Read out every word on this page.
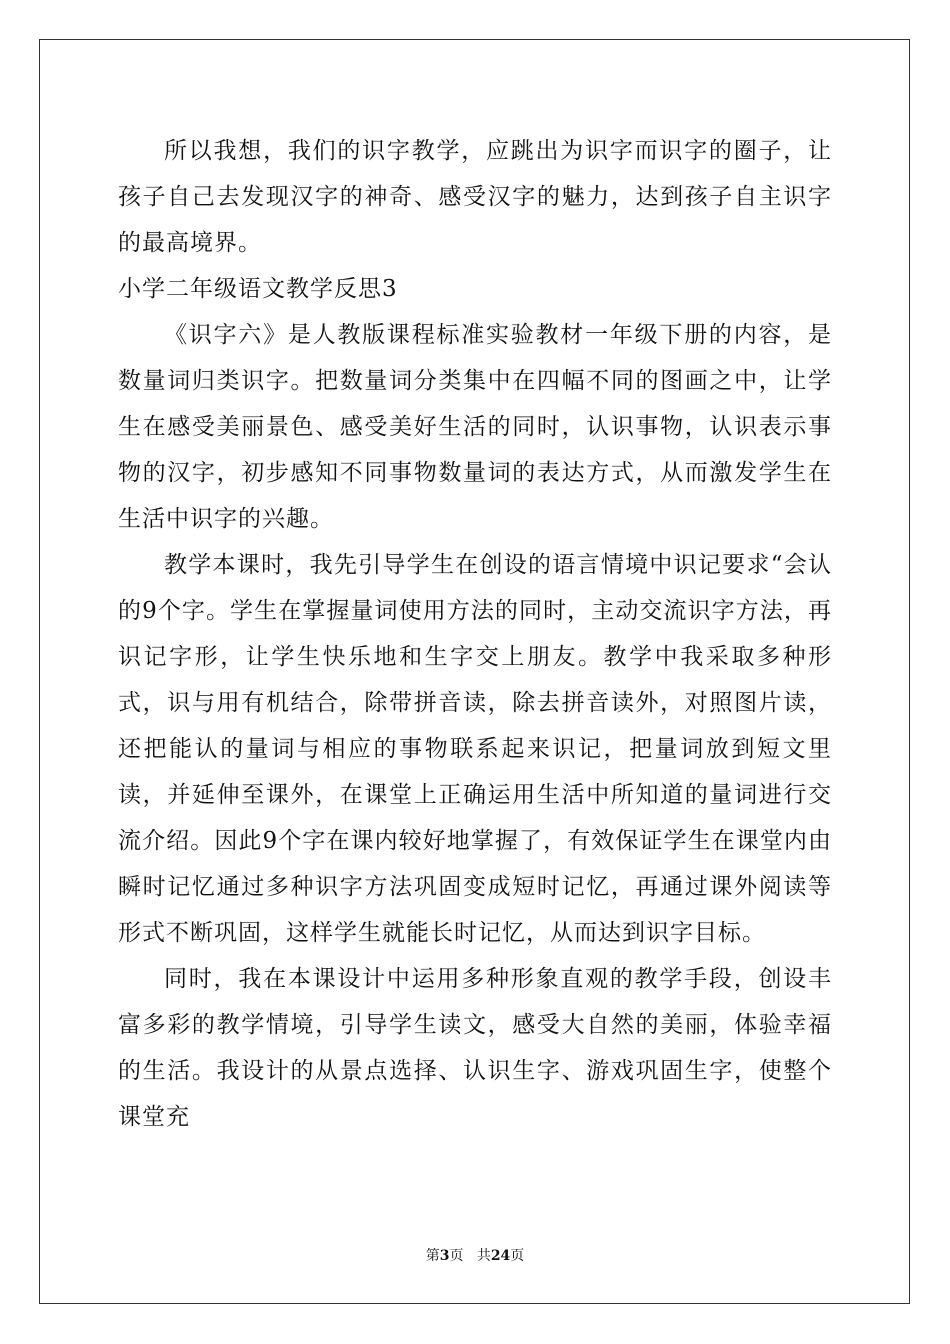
所以我想，我们的识字教学，应跳出为识字而识字的圈子，让孩子自己去发现汉字的神奇、感受汉字的魅力，达到孩子自主识字的最高境界。

小学二年级语文教学反思3

《识字六》是人教版课程标准实验教材一年级下册的内容，是数量词归类识字。把数量词分类集中在四幅不同的图画之中，让学生在感受美丽景色、感受美好生活的同时，认识事物，认识表示事物的汉字，初步感知不同事物数量词的表达方式，从而激发学生在生活中识字的兴趣。

教学本课时，我先引导学生在创设的语言情境中识记要求“会认的9个字。学生在掌握量词使用方法的同时，主动交流识字方法，再识记字形，让学生快乐地和生字交上朋友。教学中我采取多种形式，识与用有机结合，除带拼音读，除去拼音读外，对照图片读，还把能认的量词与相应的事物联系起来识记，把量词放到短文里读，并延伸至课外，在课堂上正确运用生活中所知道的量词进行交流介绍。因此9个字在课内较好地掌握了，有效保证学生在课堂内由瞬时记忆通过多种识字方法巩固变成短时记忆，再通过课外阅读等形式不断巩固，这样学生就能长时记忆，从而达到识字目标。

同时，我在本课设计中运用多种形象直观的教学手段，创设丰富多彩的教学情境，引导学生读文，感受大自然的美丽，体验幸福的生活。我设计的从景点选择、认识生字、游戏巩固生字，使整个课堂充

第3页 共24页
